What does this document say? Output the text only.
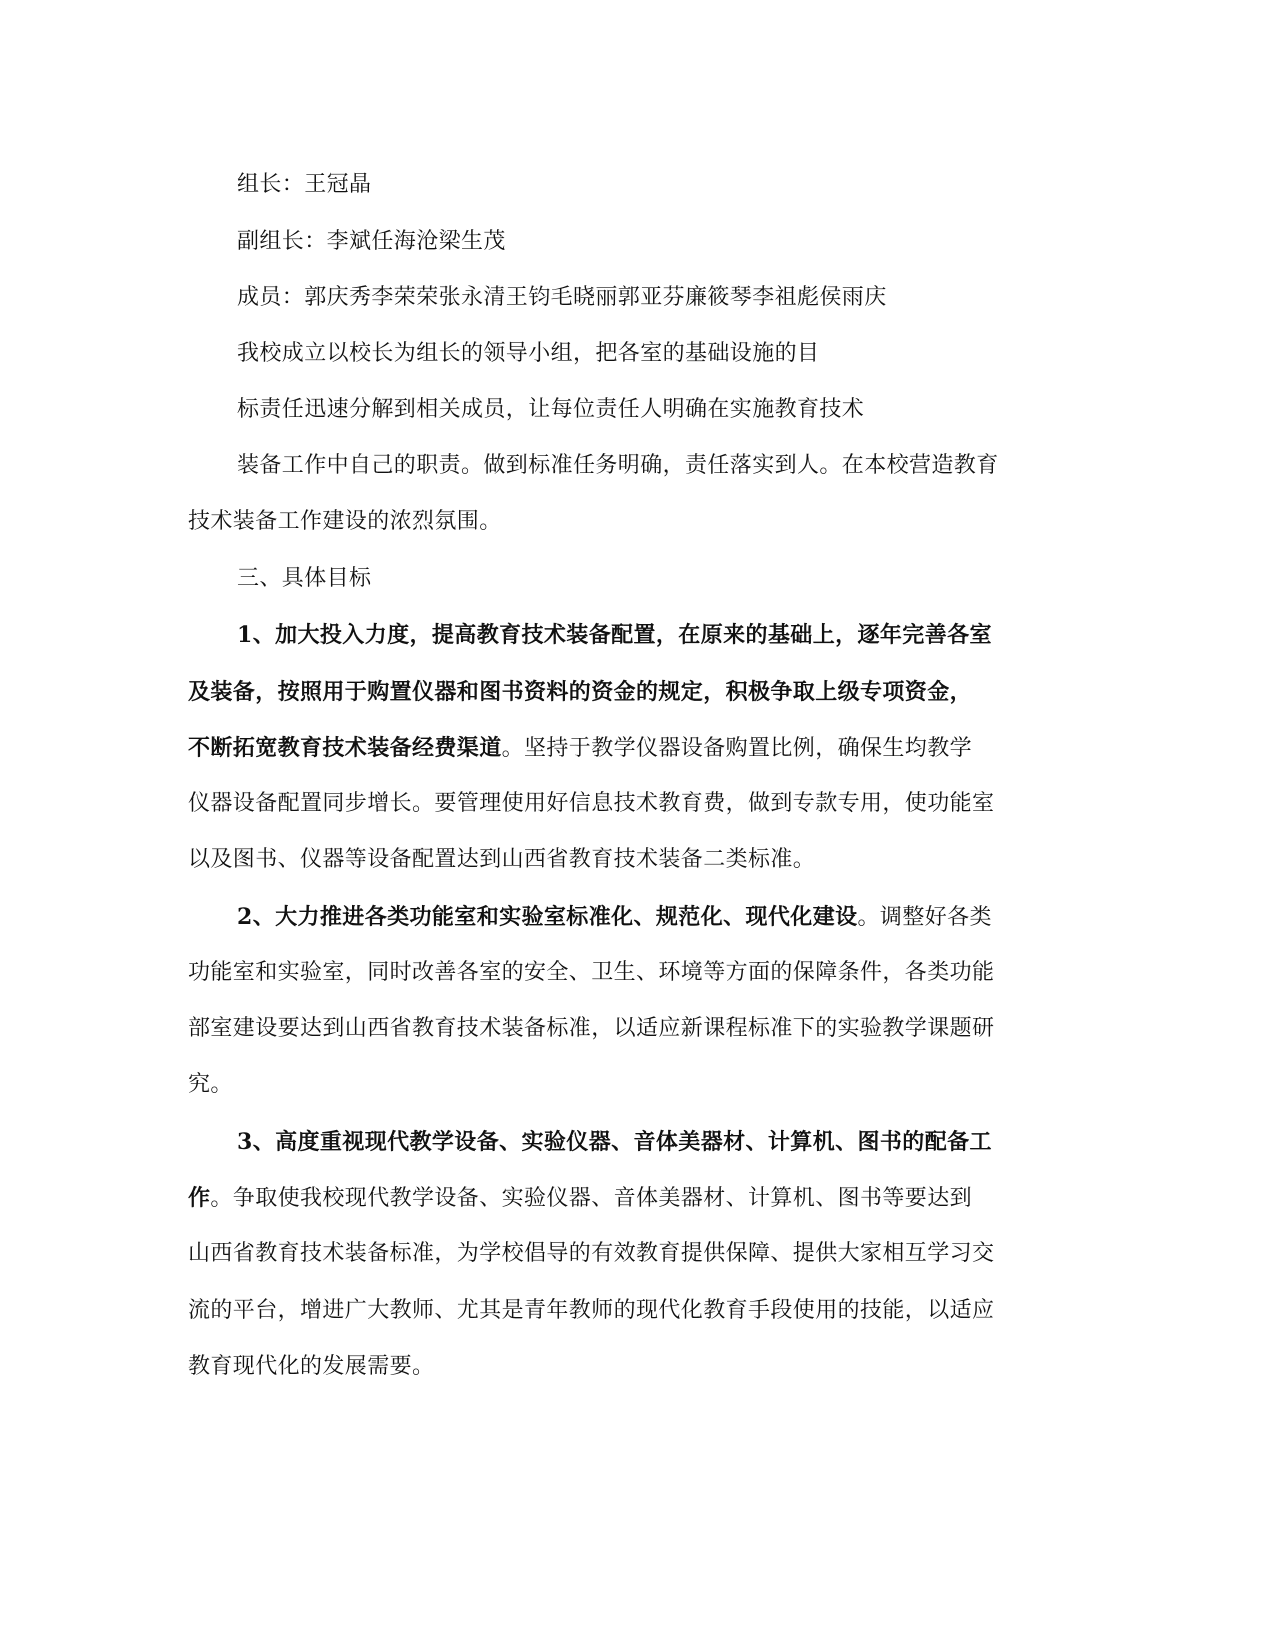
组长：王冠晶
副组长：李斌任海沧梁生茂
成员：郭庆秀李荣荣张永清王钧毛晓丽郭亚芬廉筱琴李祖彪侯雨庆
我校成立以校长为组长的领导小组，把各室的基础设施的目
标责任迅速分解到相关成员，让每位责任人明确在实施教育技术
装备工作中自己的职责。做到标准任务明确，责任落实到人。在本校营造教育
技术装备工作建设的浓烈氛围。
三、具体目标
1、加大投入力度，提高教育技术装备配置，在原来的基础上，逐年完善各室
及装备，按照用于购置仪器和图书资料的资金的规定，积极争取上级专项资金，
不断拓宽教育技术装备经费渠道。坚持于教学仪器设备购置比例，确保生均教学
仪器设备配置同步增长。要管理使用好信息技术教育费，做到专款专用，使功能室
以及图书、仪器等设备配置达到山西省教育技术装备二类标准。
2、大力推进各类功能室和实验室标准化、规范化、现代化建设。调整好各类
功能室和实验室，同时改善各室的安全、卫生、环境等方面的保障条件，各类功能
部室建设要达到山西省教育技术装备标准，以适应新课程标准下的实验教学课题研
究。
3、高度重视现代教学设备、实验仪器、音体美器材、计算机、图书的配备工
作。争取使我校现代教学设备、实验仪器、音体美器材、计算机、图书等要达到
山西省教育技术装备标准，为学校倡导的有效教育提供保障、提供大家相互学习交
流的平台，增进广大教师、尤其是青年教师的现代化教育手段使用的技能，以适应
教育现代化的发展需要。
